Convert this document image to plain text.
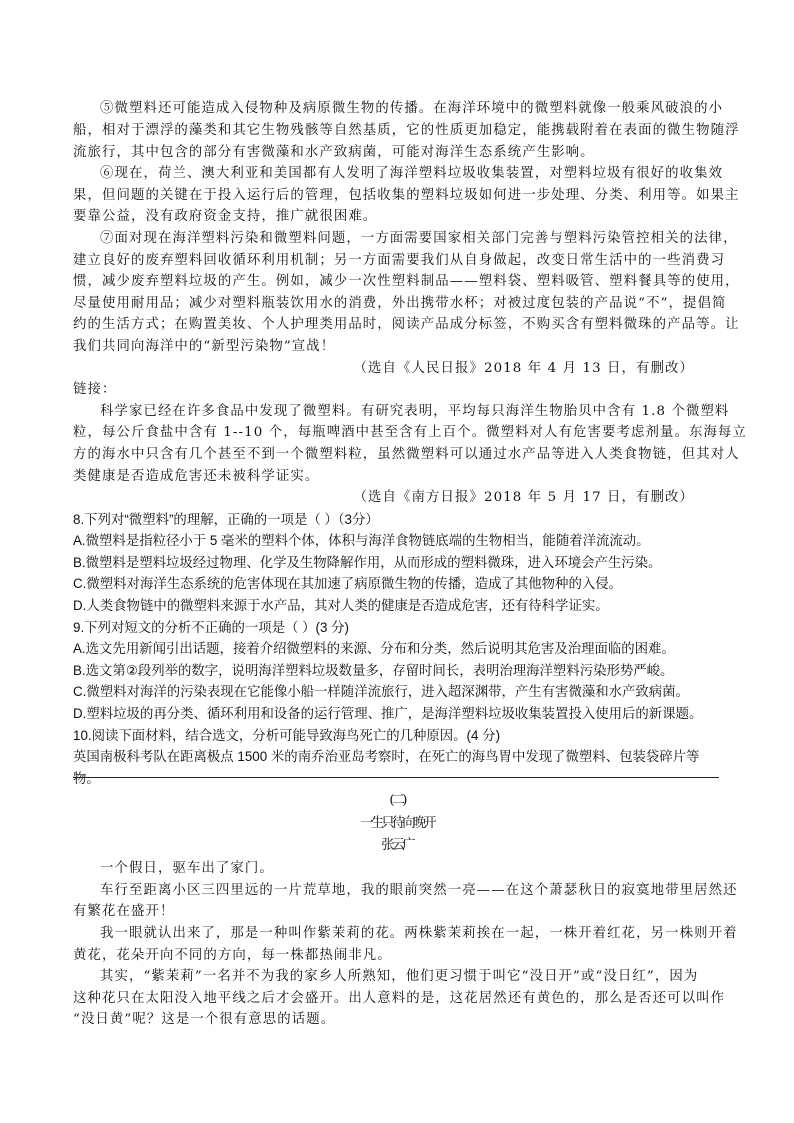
⑤微塑料还可能造成入侵物种及病原微生物的传播。在海洋环境中的微塑料就像一般乘风破浪的小
船，相对于漂浮的藻类和其它生物残骸等自然基质，它的性质更加稳定，能携载附着在表面的微生物随浮
流旅行，其中包含的部分有害微藻和水产致病菌，可能对海洋生态系统产生影响。
⑥现在，荷兰、澳大利亚和美国都有人发明了海洋塑料垃圾收集装置，对塑料垃圾有很好的收集效
果，但问题的关键在于投入运行后的管理，包括收集的塑料垃圾如何进一步处理、分类、利用等。如果主
要靠公益，没有政府资金支持，推广就很困难。
⑦面对现在海洋塑料污染和微塑料问题，一方面需要国家相关部门完善与塑料污染管控相关的法律，
建立良好的废弃塑料回收循环利用机制；另一方面需要我们从自身做起，改变日常生活中的一些消费习
惯，减少废弃塑料垃圾的产生。例如，减少一次性塑料制品——塑料袋、塑料吸管、塑料餐具等的使用，
尽量使用耐用品；减少对塑料瓶装饮用水的消费，外出携带水杯；对被过度包装的产品说“不”，提倡简
约的生活方式；在购置美妆、个人护理类用品时，阅读产品成分标签，不购买含有塑料微珠的产品等。让
我们共同向海洋中的“新型污染物”宣战！
（选自《人民日报》2018 年 4 月 13 日，有删改）
链接：
科学家已经在许多食品中发现了微塑料。有研究表明，平均每只海洋生物胎贝中含有 1.8 个微塑料
粒，每公斤食盐中含有 1--10 个，每瓶啤酒中甚至含有上百个。微塑料对人有危害要考虑剂量。东海每立
方的海水中只含有几个甚至不到一个微塑料粒，虽然微塑料可以通过水产品等进入人类食物链，但其对人
类健康是否造成危害还未被科学证实。
（选自《南方日报》2018 年 5 月 17 日，有删改）
8.下列对“微塑料”的理解，正确的一项是（ ）（3分）
A.微塑料是指粒径小于 5 毫米的塑料个体，体积与海洋食物链底端的生物相当，能随着洋流流动。
B.微塑料是塑料垃圾经过物理、化学及生物降解作用，从而形成的塑料微珠，进入环境会产生污染。
C.微塑料对海洋生态系统的危害体现在其加速了病原微生物的传播，造成了其他物种的入侵。
D.人类食物链中的微塑料来源于水产品，其对人类的健康是否造成危害，还有待科学证实。
9.下列对短文的分析不正确的一项是（ ）(3 分)
A.选文先用新闻引出话题，接着介绍微塑料的来源、分布和分类，然后说明其危害及治理面临的困难。
B.选文第②段列举的数字，说明海洋塑料垃圾数量多，存留时间长，表明治理海洋塑料污染形势严峻。
C.微塑料对海洋的污染表现在它能像小船一样随洋流旅行，进入超深渊带，产生有害微藻和水产致病菌。
D.塑料垃圾的再分类、循环利用和设备的运行管理、推广，是海洋塑料垃圾收集装置投入使用后的新课题。
10.阅读下面材料，结合选文，分析可能导致海鸟死亡的几种原因。(4 分)
英国南极科考队在距离极点 1500 米的南乔治亚岛考察时，在死亡的海鸟胃中发现了微塑料、包装袋碎片等
物。
(二)
一生只待向晚开
张云广
一个假日，驱车出了家门。
车行至距离小区三四里远的一片荒草地，我的眼前突然一亮——在这个萧瑟秋日的寂寞地带里居然还
有繁花在盛开！
我一眼就认出来了，那是一种叫作紫茉莉的花。两株紫茉莉挨在一起，一株开着红花，另一株则开着
黄花，花朵开向不同的方向，每一株都热闹非凡。
其实，“紫茉莉”一名并不为我的家乡人所熟知，他们更习惯于叫它“没日开”或“没日红”，因为
这种花只在太阳没入地平线之后才会盛开。出人意料的是，这花居然还有黄色的，那么是否还可以叫作
“没日黄”呢？这是一个很有意思的话题。
